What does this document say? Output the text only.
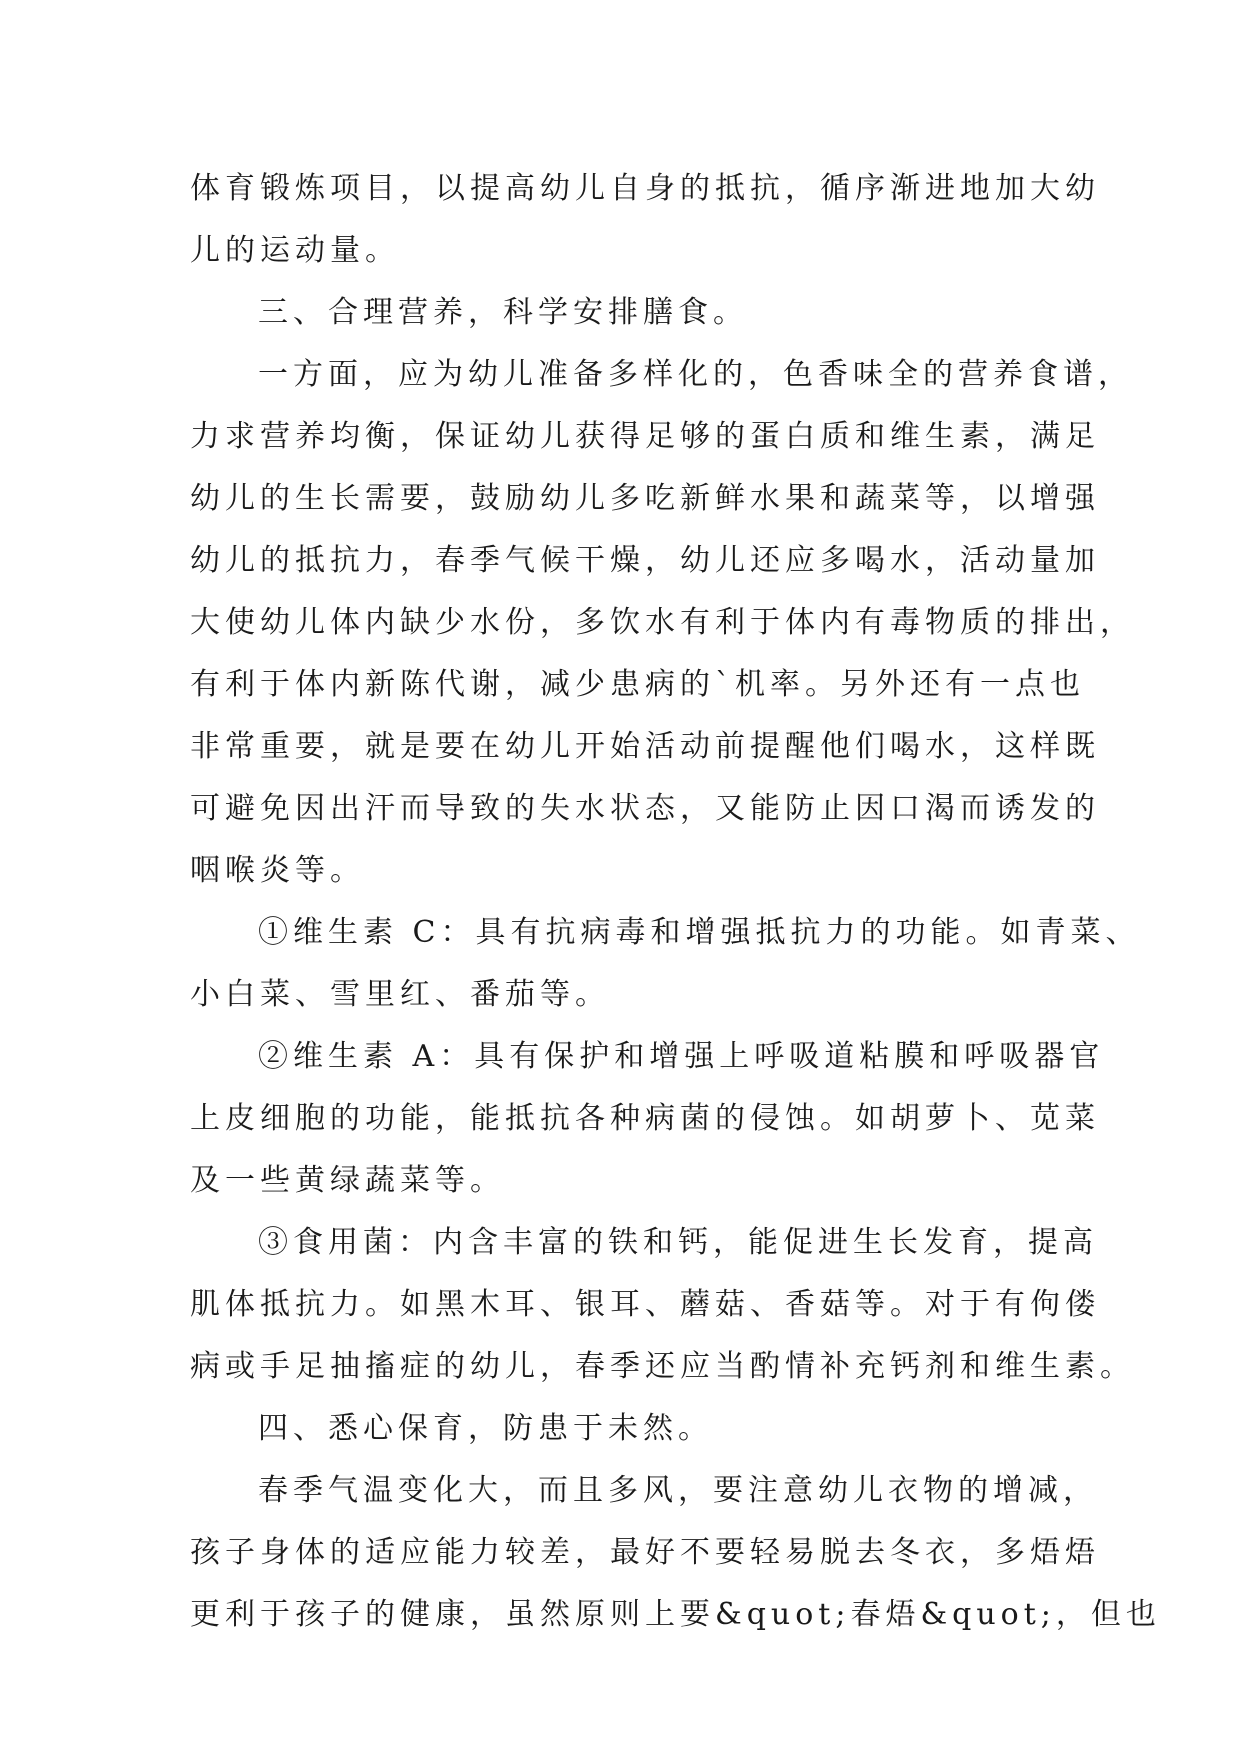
体育锻炼项目，以提高幼儿自身的抵抗，循序渐进地加大幼
儿的运动量。
三、合理营养，科学安排膳食。
一方面，应为幼儿准备多样化的，色香味全的营养食谱，
力求营养均衡，保证幼儿获得足够的蛋白质和维生素，满足
幼儿的生长需要，鼓励幼儿多吃新鲜水果和蔬菜等，以增强
幼儿的抵抗力，春季气候干燥，幼儿还应多喝水，活动量加
大使幼儿体内缺少水份，多饮水有利于体内有毒物质的排出，
有利于体内新陈代谢，减少患病的`机率。另外还有一点也
非常重要，就是要在幼儿开始活动前提醒他们喝水，这样既
可避免因出汗而导致的失水状态，又能防止因口渴而诱发的
咽喉炎等。
①维生素 C：具有抗病毒和增强抵抗力的功能。如青菜、
小白菜、雪里红、番茄等。
②维生素 A：具有保护和增强上呼吸道粘膜和呼吸器官
上皮细胞的功能，能抵抗各种病菌的侵蚀。如胡萝卜、苋菜
及一些黄绿蔬菜等。
③食用菌：内含丰富的铁和钙，能促进生长发育，提高
肌体抵抗力。如黑木耳、银耳、蘑菇、香菇等。对于有佝偻
病或手足抽搐症的幼儿，春季还应当酌情补充钙剂和维生素。
四、悉心保育，防患于未然。
春季气温变化大，而且多风，要注意幼儿衣物的增减，
孩子身体的适应能力较差，最好不要轻易脱去冬衣，多焐焐
更利于孩子的健康，虽然原则上要&quot;春焐&quot;，但也
